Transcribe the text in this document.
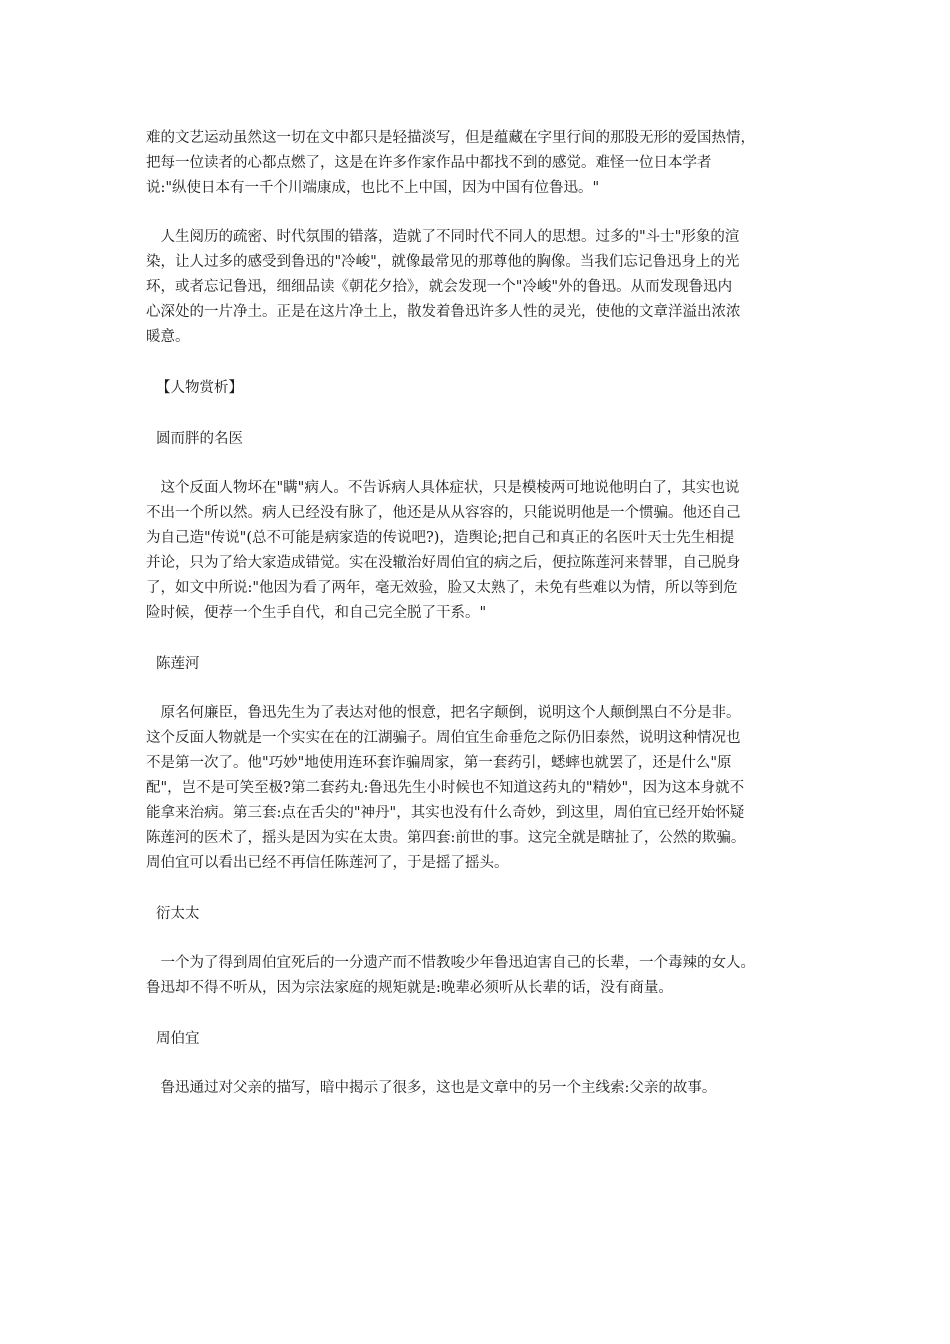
难的文艺运动虽然这一切在文中都只是轻描淡写，但是蕴藏在字里行间的那股无形的爱国热情，
把每一位读者的心都点燃了，这是在许多作家作品中都找不到的感觉。难怪一位日本学者
说:"纵使日本有一千个川端康成，也比不上中国，因为中国有位鲁迅。"
　人生阅历的疏密、时代氛围的错落，造就了不同时代不同人的思想。过多的"斗士"形象的渲
染，让人过多的感受到鲁迅的"冷峻"，就像最常见的那尊他的胸像。当我们忘记鲁迅身上的光
环，或者忘记鲁迅，细细品读《朝花夕拾》，就会发现一个"冷峻"外的鲁迅。从而发现鲁迅内
心深处的一片净土。正是在这片净土上，散发着鲁迅许多人性的灵光，使他的文章洋溢出浓浓
暖意。
【人物赏析】
圆而胖的名医
　这个反面人物坏在"瞒"病人。不告诉病人具体症状，只是模棱两可地说他明白了，其实也说
不出一个所以然。病人已经没有脉了，他还是从从容容的，只能说明他是一个惯骗。他还自己
为自己造"传说"(总不可能是病家造的传说吧?)，造舆论;把自己和真正的名医叶天士先生相提
并论，只为了给大家造成错觉。实在没辙治好周伯宜的病之后，便拉陈莲河来替罪，自己脱身
了，如文中所说:"他因为看了两年，毫无效验，脸又太熟了，未免有些难以为情，所以等到危
险时候，便荐一个生手自代，和自己完全脱了干系。"
陈莲河
　原名何廉臣，鲁迅先生为了表达对他的恨意，把名字颠倒，说明这个人颠倒黑白不分是非。
这个反面人物就是一个实实在在的江湖骗子。周伯宜生命垂危之际仍旧泰然，说明这种情况也
不是第一次了。他"巧妙"地使用连环套诈骗周家，第一套药引，蟋蟀也就罢了，还是什么"原
配"，岂不是可笑至极?第二套药丸:鲁迅先生小时候也不知道这药丸的"精妙"，因为这本身就不
能拿来治病。第三套:点在舌尖的"神丹"，其实也没有什么奇妙，到这里，周伯宜已经开始怀疑
陈莲河的医术了，摇头是因为实在太贵。第四套:前世的事。这完全就是瞎扯了，公然的欺骗。
周伯宜可以看出已经不再信任陈莲河了，于是摇了摇头。
衍太太
　一个为了得到周伯宜死后的一分遗产而不惜教唆少年鲁迅迫害自己的长辈，一个毒辣的女人。
鲁迅却不得不听从，因为宗法家庭的规矩就是:晚辈必须听从长辈的话，没有商量。
周伯宜
　鲁迅通过对父亲的描写，暗中揭示了很多，这也是文章中的另一个主线索:父亲的故事。
